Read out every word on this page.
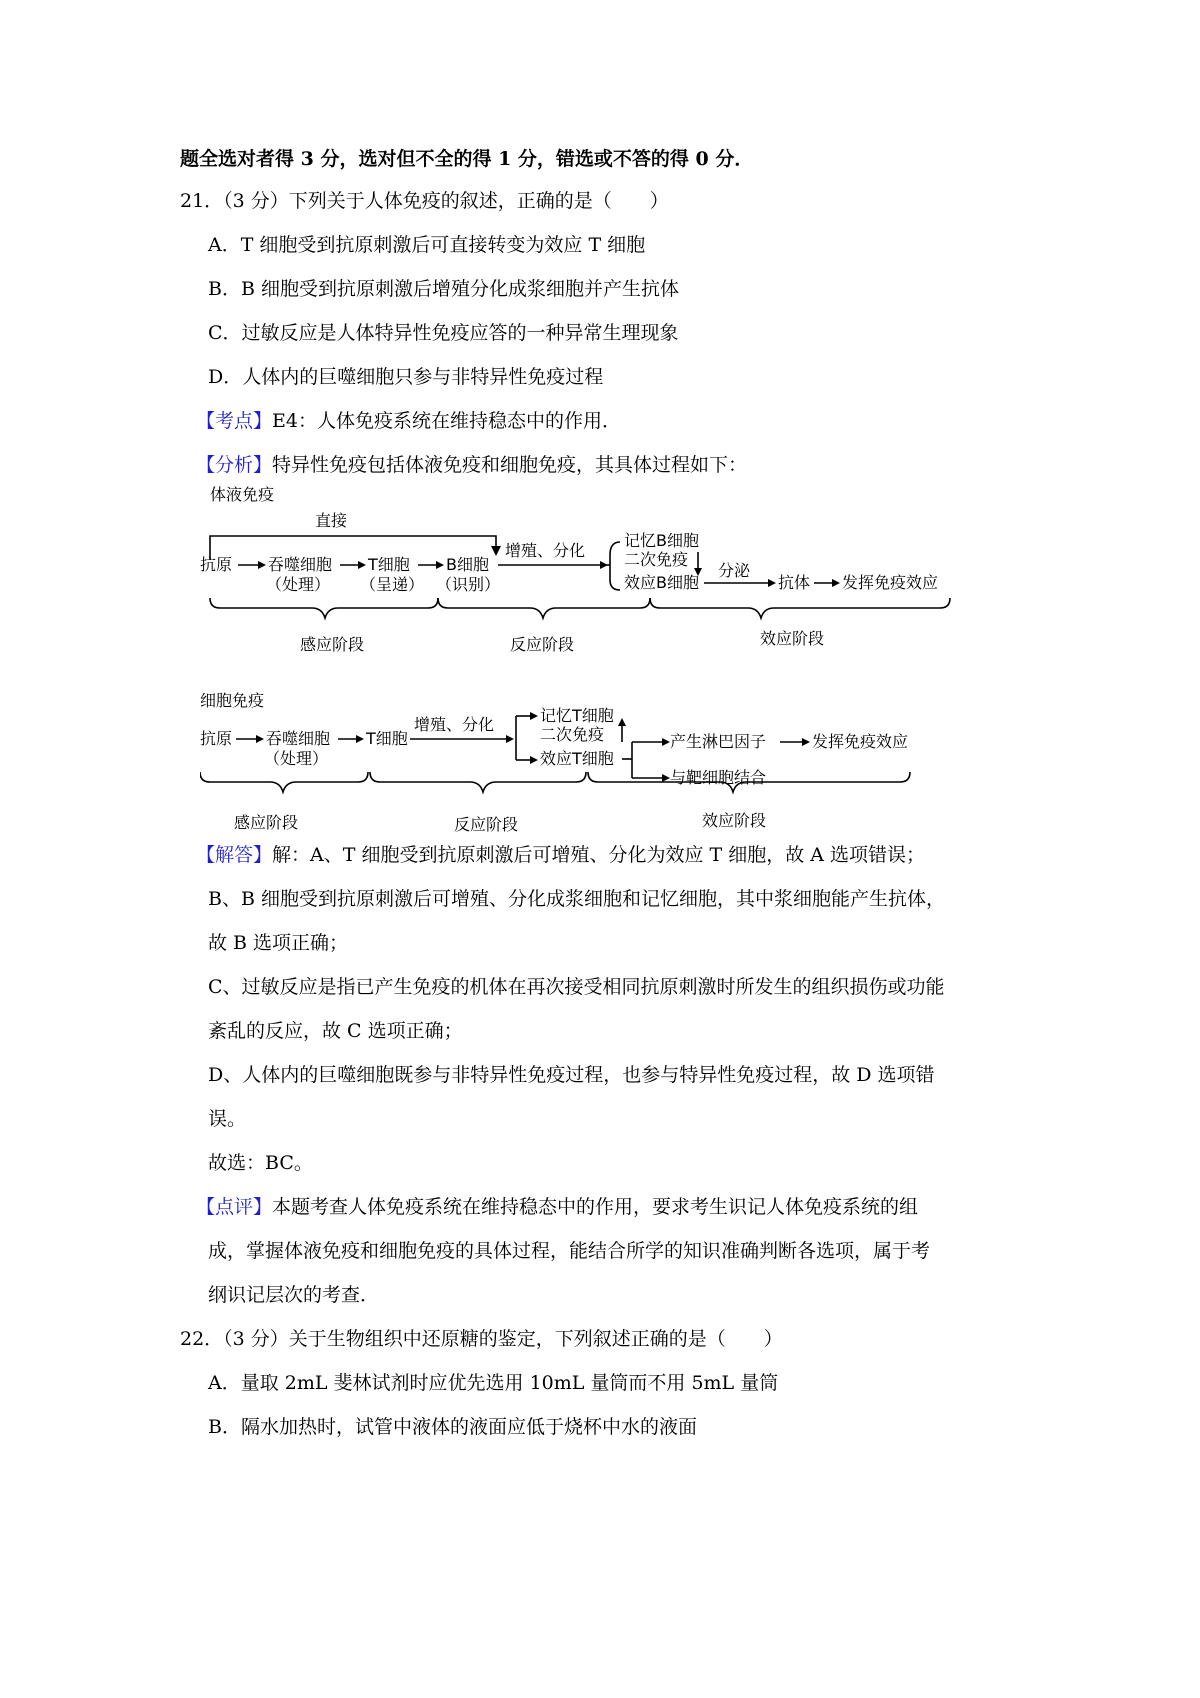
题全选对者得 3 分，选对但不全的得 1 分，错选或不答的得 0 分．
21．（3 分）下列关于人体免疫的叙述，正确的是（　　）
A．T 细胞受到抗原刺激后可直接转变为效应 T 细胞
B．B 细胞受到抗原刺激后增殖分化成浆细胞并产生抗体
C．过敏反应是人体特异性免疫应答的一种异常生理现象
D．人体内的巨噬细胞只参与非特异性免疫过程
【考点】E4：人体免疫系统在维持稳态中的作用．
【分析】特异性免疫包括体液免疫和细胞免疫，其具体过程如下：
体液免疫
直接
抗原 吞噬细胞
（处理）
T细胞
（呈递）
B细胞
（识别）
增殖、分化
记忆B细胞
二次免疫
效应B细胞
分泌
抗体 发挥免疫效应
感应阶段	反应阶段	效应阶段
细胞免疫
抗原 吞噬细胞
（处理）
T细胞
增殖、分化	记忆T细胞
二次免疫
效应T细胞
产生淋巴因子	发挥免疫效应
与靶细胞结合
感应阶段	反应阶段	效应阶段
【解答】解：A、T 细胞受到抗原刺激后可增殖、分化为效应 T 细胞，故 A 选项错误；
B、B 细胞受到抗原刺激后可增殖、分化成浆细胞和记忆细胞，其中浆细胞能产生抗体，
故 B 选项正确；
C、过敏反应是指已产生免疫的机体在再次接受相同抗原刺激时所发生的组织损伤或功能
紊乱的反应，故 C 选项正确；
D、人体内的巨噬细胞既参与非特异性免疫过程，也参与特异性免疫过程，故 D 选项错
误。
故选：BC。
【点评】本题考查人体免疫系统在维持稳态中的作用，要求考生识记人体免疫系统的组
成，掌握体液免疫和细胞免疫的具体过程，能结合所学的知识准确判断各选项，属于考
纲识记层次的考查．
22．（3 分）关于生物组织中还原糖的鉴定，下列叙述正确的是（　　）
A．量取 2mL 斐林试剂时应优先选用 10mL 量筒而不用 5mL 量筒
B．隔水加热时，试管中液体的液面应低于烧杯中水的液面
